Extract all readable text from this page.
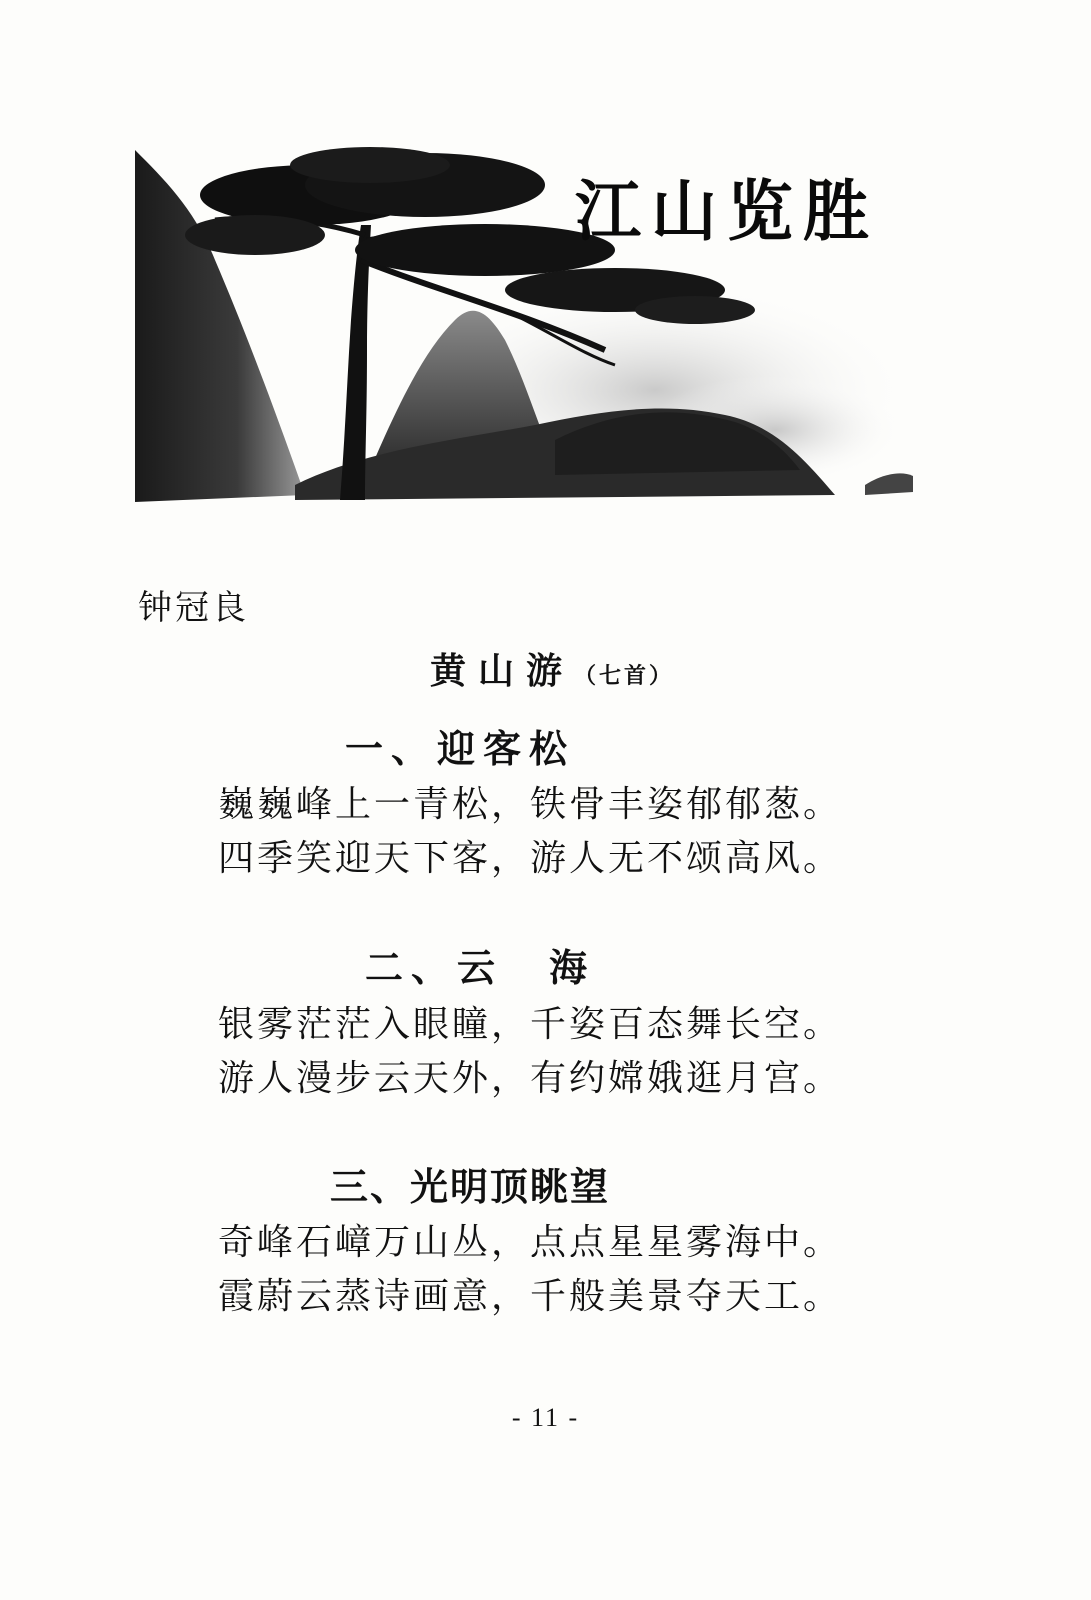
江山览胜
钟冠良
黄山游（七首）
一、迎客松
巍巍峰上一青松，铁骨丰姿郁郁葱。
四季笑迎天下客，游人无不颂高风。
二、云　海
银雾茫茫入眼瞳，千姿百态舞长空。
游人漫步云天外，有约嫦娥逛月宫。
三、光明顶眺望
奇峰石嶂万山丛，点点星星雾海中。
霞蔚云蒸诗画意，千般美景夺天工。
- 11 -
